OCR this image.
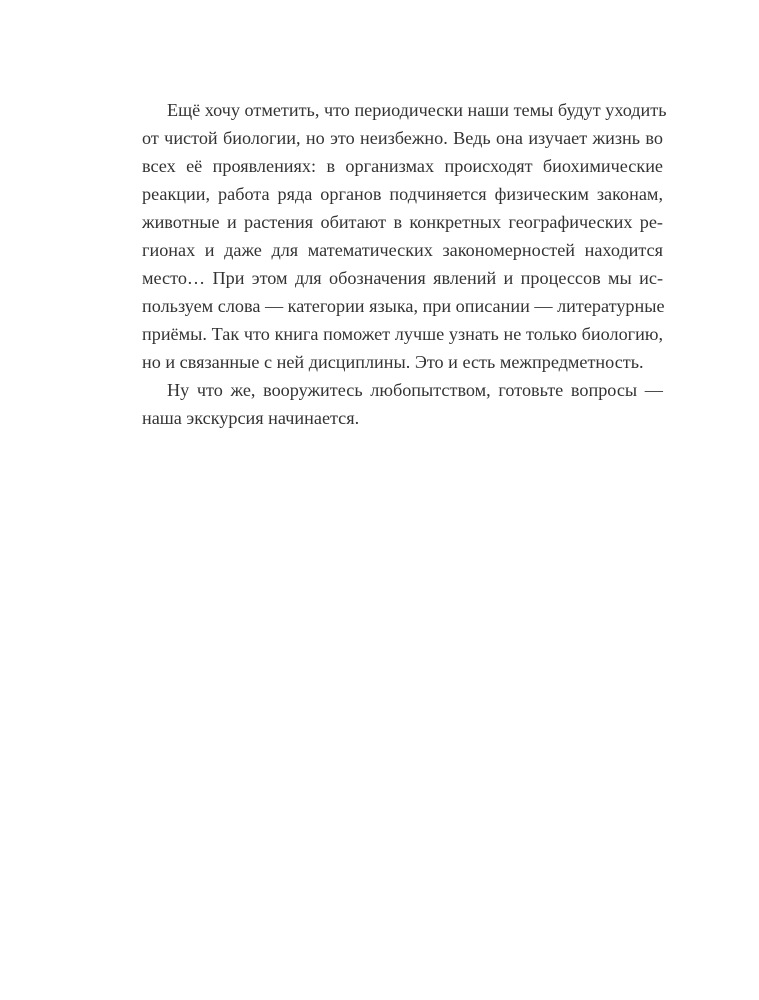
Ещё хочу отметить, что периодически наши темы будут уходить
от чистой биологии, но это неизбежно. Ведь она изучает жизнь во
всех её проявлениях: в организмах происходят биохимические
реакции, работа ряда органов подчиняется физическим законам,
животные и растения обитают в конкретных географических ре-
гионах и даже для математических закономерностей находится
место… При этом для обозначения явлений и процессов мы ис-
пользуем слова — категории языка, при описании — литературные
приёмы. Так что книга поможет лучше узнать не только биологию,
но и связанные с ней дисциплины. Это и есть межпредметность.
Ну что же, вооружитесь любопытством, готовьте вопросы —
наша экскурсия начинается.
